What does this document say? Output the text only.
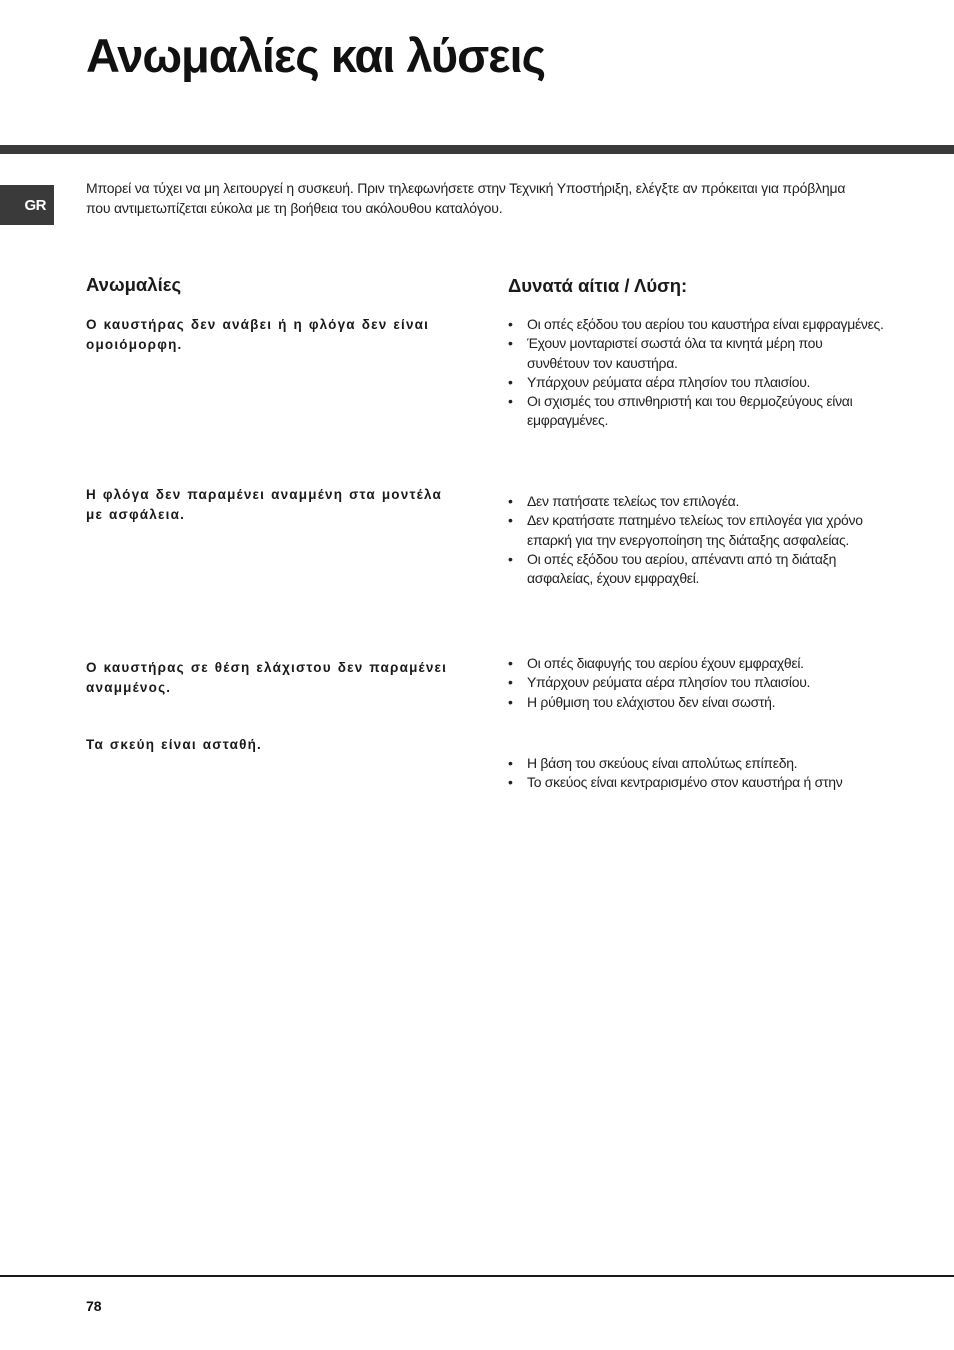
Ανωμαλίες και λύσεις
GR

Μπορεί να τύχει να μη λειτουργεί η συσκευή. Πριν τηλεφωνήσετε στην Τεχνική Υποστήριξη, ελέγξτε αν πρόκειται για πρόβλημα που αντιμετωπίζεται εύκολα με τη βοήθεια του ακόλουθου καταλόγου.

Ανωμαλίες	Δυνατά αίτια / Λύση:

Ο καυστήρας δεν ανάβει ή η φλόγα δεν είναι ομοιόμορφη.

• Οι οπές εξόδου του αερίου του καυστήρα είναι εμφραγμένες.
• Έχουν μονταριστεί σωστά όλα τα κινητά μέρη που συνθέτουν τον καυστήρα.
• Υπάρχουν ρεύματα αέρα πλησίον του πλαισίου.
• Οι σχισμές του σπινθηριστή και του θερμοζεύγους είναι εμφραγμένες.

Η φλόγα δεν παραμένει αναμμένη στα μοντέλα με ασφάλεια.

• Δεν πατήσατε τελείως τον επιλογέα.
• Δεν κρατήσατε πατημένο τελείως τον επιλογέα για χρόνο επαρκή για την ενεργοποίηση της διάταξης ασφαλείας.
• Οι οπές εξόδου του αερίου, απέναντι από τη διάταξη ασφαλείας, έχουν εμφραχθεί.

Ο καυστήρας σε θέση ελάχιστου δεν παραμένει αναμμένος.

• Οι οπές διαφυγής του αερίου έχουν εμφραχθεί.
• Υπάρχουν ρεύματα αέρα πλησίον του πλαισίου.
• Η ρύθμιση του ελάχιστου δεν είναι σωστή.

Τα σκεύη είναι ασταθή.

• Η βάση του σκεύους είναι απολύτως επίπεδη.
• Το σκεύος είναι κεντραρισμένο στον καυστήρα ή στην
78
